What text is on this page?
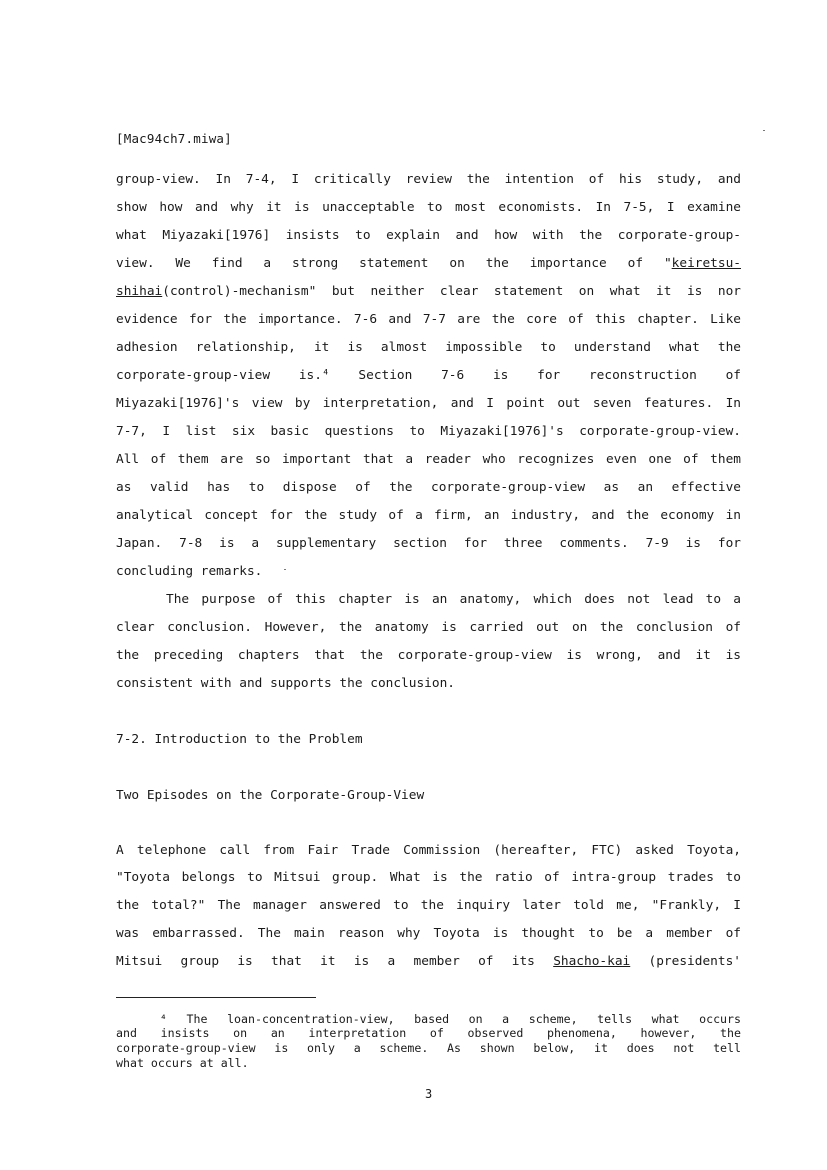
[Mac94ch7.miwa]
group-view. In 7-4, I critically review the intention of his study, and
show how and why it is unacceptable to most economists. In 7-5, I examine
what Miyazaki[1976] insists to explain and how with the corporate-group-
view. We find a strong statement on the importance of "keiretsu-
shihai(control)-mechanism" but neither clear statement on what it is nor
evidence for the importance. 7-6 and 7-7 are the core of this chapter. Like
adhesion relationship, it is almost impossible to understand what the
corporate-group-view is.⁴ Section 7-6 is for reconstruction of
Miyazaki[1976]'s view by interpretation, and I point out seven features. In
7-7, I list six basic questions to Miyazaki[1976]'s corporate-group-view.
All of them are so important that a reader who recognizes even one of them
as valid has to dispose of the corporate-group-view as an effective
analytical concept for the study of a firm, an industry, and the economy in
Japan. 7-8 is a supplementary section for three comments. 7-9 is for
concluding remarks.
The purpose of this chapter is an anatomy, which does not lead to a
clear conclusion. However, the anatomy is carried out on the conclusion of
the preceding chapters that the corporate-group-view is wrong, and it is
consistent with and supports the conclusion.
7-2. Introduction to the Problem
Two Episodes on the Corporate-Group-View
A telephone call from Fair Trade Commission (hereafter, FTC) asked Toyota,
"Toyota belongs to Mitsui group. What is the ratio of intra-group trades to
the total?" The manager answered to the inquiry later told me, "Frankly, I
was embarrassed. The main reason why Toyota is thought to be a member of
Mitsui group is that it is a member of its Shacho-kai (presidents'
⁴ The loan-concentration-view, based on a scheme, tells what occurs
and insists on an interpretation of observed phenomena, however, the
corporate-group-view is only a scheme. As shown below, it does not tell
what occurs at all.
3
